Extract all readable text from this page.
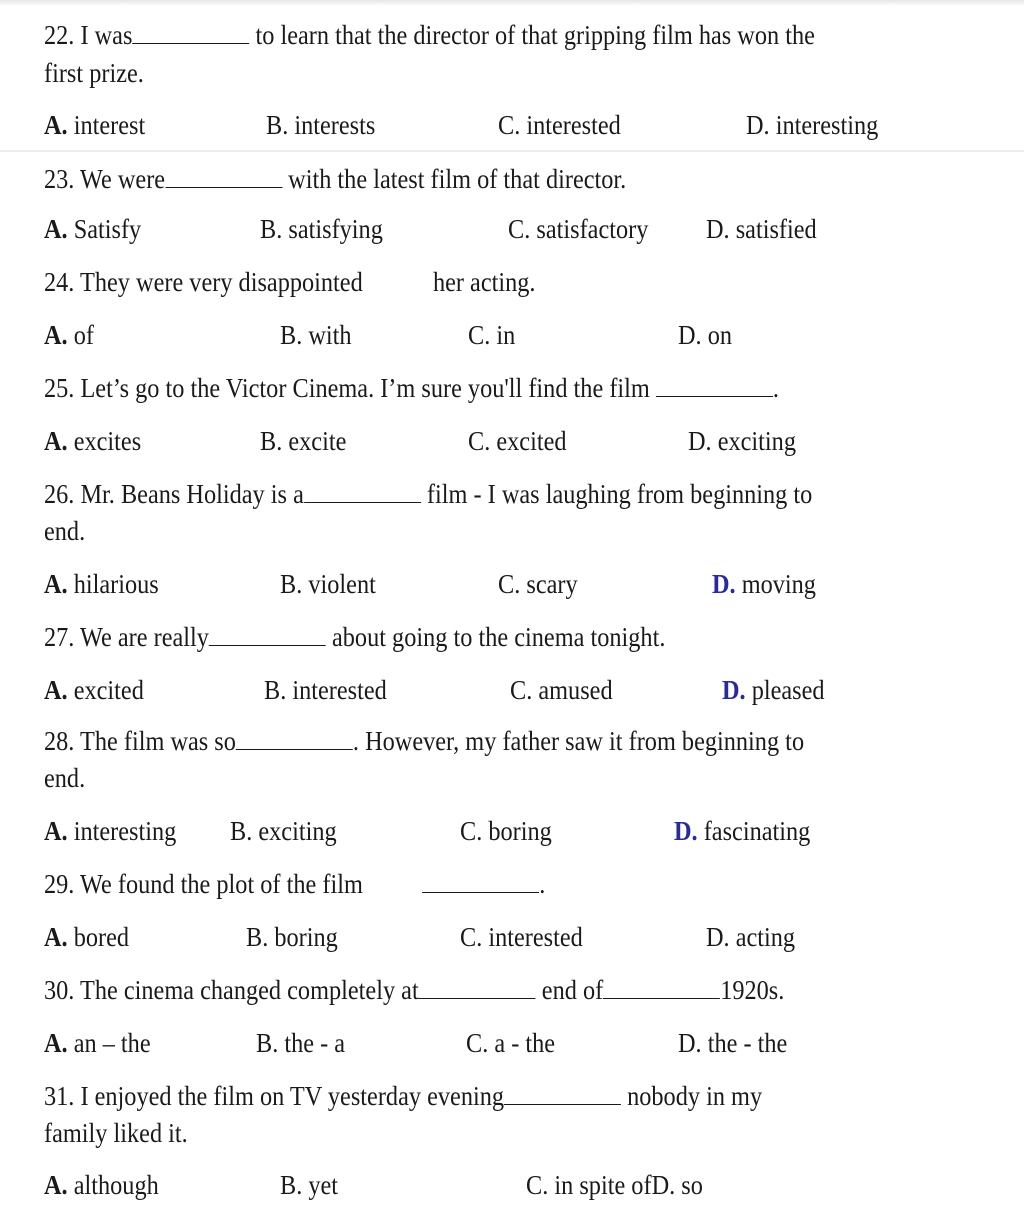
22. I was	to learn that the director of that gripping film has won the
first prize.
A. interest	B. interests	C. interested	D. interesting
23. We were	with the latest film of that director.
A. Satisfy	B. satisfying	C. satisfactory D. satisfied
24. They were very disappointed	her acting.
A. of	B. with	C. in	D. on
25. Let’s go to the Victor Cinema. I’m sure you'll find the film	.
A. excites	B. excite	C. excited	D. exciting
26. Mr. Beans Holiday is a	film - I was laughing from beginning to
end.
A. hilarious	B. violent	C. scary	D. moving
27. We are really	about going to the cinema tonight.
A. excited	B. interested	C. amused	D. pleased
28. The film was so	. However, my father saw it from beginning to
end.
A. interesting B. exciting	C. boring	D. fascinating
29. We found the plot of the film	.
A. bored	B. boring	C. interested	D. acting
30. The cinema changed completely at	end of	1920s.
A. an – the	B. the - a	C. a - the	D. the - the
31. I enjoyed the film on TV yesterday evening	nobody in my
family liked it.
A. although	B. yet	C. in spite ofD. so
